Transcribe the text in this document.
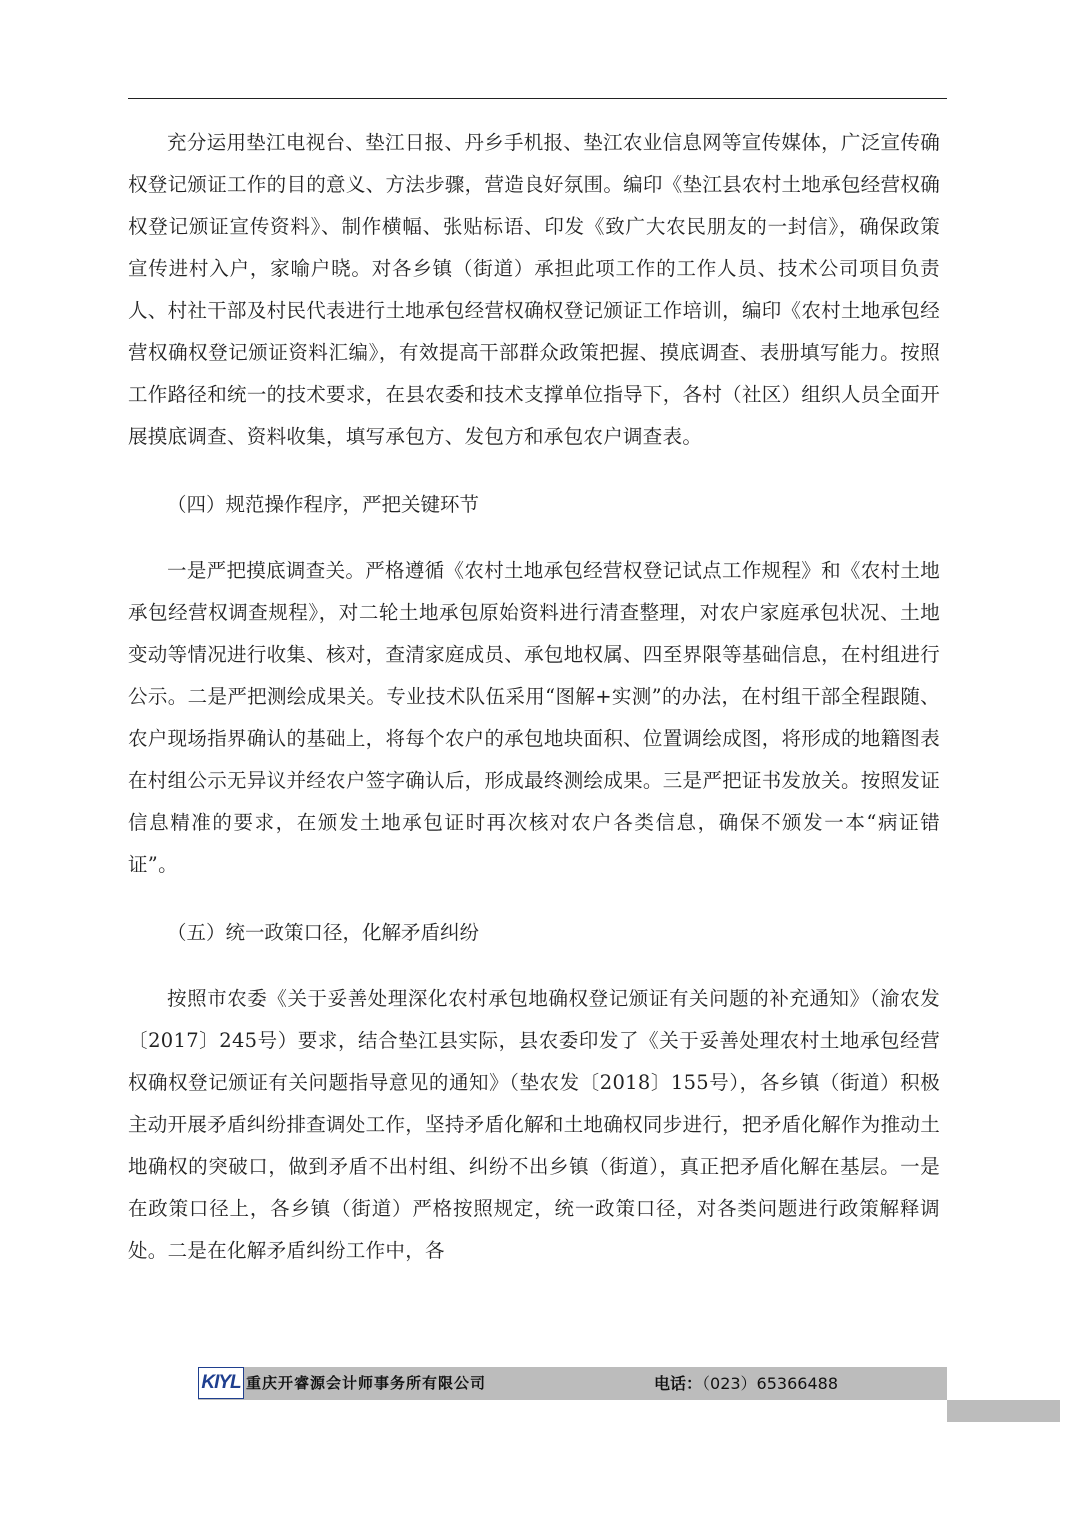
充分运用垫江电视台、垫江日报、丹乡手机报、垫江农业信息网等宣传媒体，广泛宣传确权登记颁证工作的目的意义、方法步骤，营造良好氛围。编印《垫江县农村土地承包经营权确权登记颁证宣传资料》、制作横幅、张贴标语、印发《致广大农民朋友的一封信》，确保政策宣传进村入户，家喻户晓。对各乡镇（街道）承担此项工作的工作人员、技术公司项目负责人、村社干部及村民代表进行土地承包经营权确权登记颁证工作培训，编印《农村土地承包经营权确权登记颁证资料汇编》，有效提高干部群众政策把握、摸底调查、表册填写能力。按照工作路径和统一的技术要求，在县农委和技术支撑单位指导下，各村（社区）组织人员全面开展摸底调查、资料收集，填写承包方、发包方和承包农户调查表。

（四）规范操作程序，严把关键环节

一是严把摸底调查关。严格遵循《农村土地承包经营权登记试点工作规程》和《农村土地承包经营权调查规程》，对二轮土地承包原始资料进行清查整理，对农户家庭承包状况、土地变动等情况进行收集、核对，查清家庭成员、承包地权属、四至界限等基础信息，在村组进行公示。二是严把测绘成果关。专业技术队伍采用“图解+实测”的办法，在村组干部全程跟随、农户现场指界确认的基础上，将每个农户的承包地块面积、位置调绘成图，将形成的地籍图表在村组公示无异议并经农户签字确认后，形成最终测绘成果。三是严把证书发放关。按照发证信息精准的要求，在颁发土地承包证时再次核对农户各类信息，确保不颁发一本“病证错证”。

（五）统一政策口径，化解矛盾纠纷

按照市农委《关于妥善处理深化农村承包地确权登记颁证有关问题的补充通知》（渝农发〔2017〕245号）要求，结合垫江县实际，县农委印发了《关于妥善处理农村土地承包经营权确权登记颁证有关问题指导意见的通知》（垫农发〔2018〕155号），各乡镇（街道）积极主动开展矛盾纠纷排查调处工作，坚持矛盾化解和土地确权同步进行，把矛盾化解作为推动土地确权的突破口，做到矛盾不出村组、纠纷不出乡镇（街道），真正把矛盾化解在基层。一是在政策口径上，各乡镇（街道）严格按照规定，统一政策口径，对各类问题进行政策解释调处。二是在化解矛盾纠纷工作中，各

KIYL 重庆开睿源会计师事务所有限公司	电话：（023）65366488
